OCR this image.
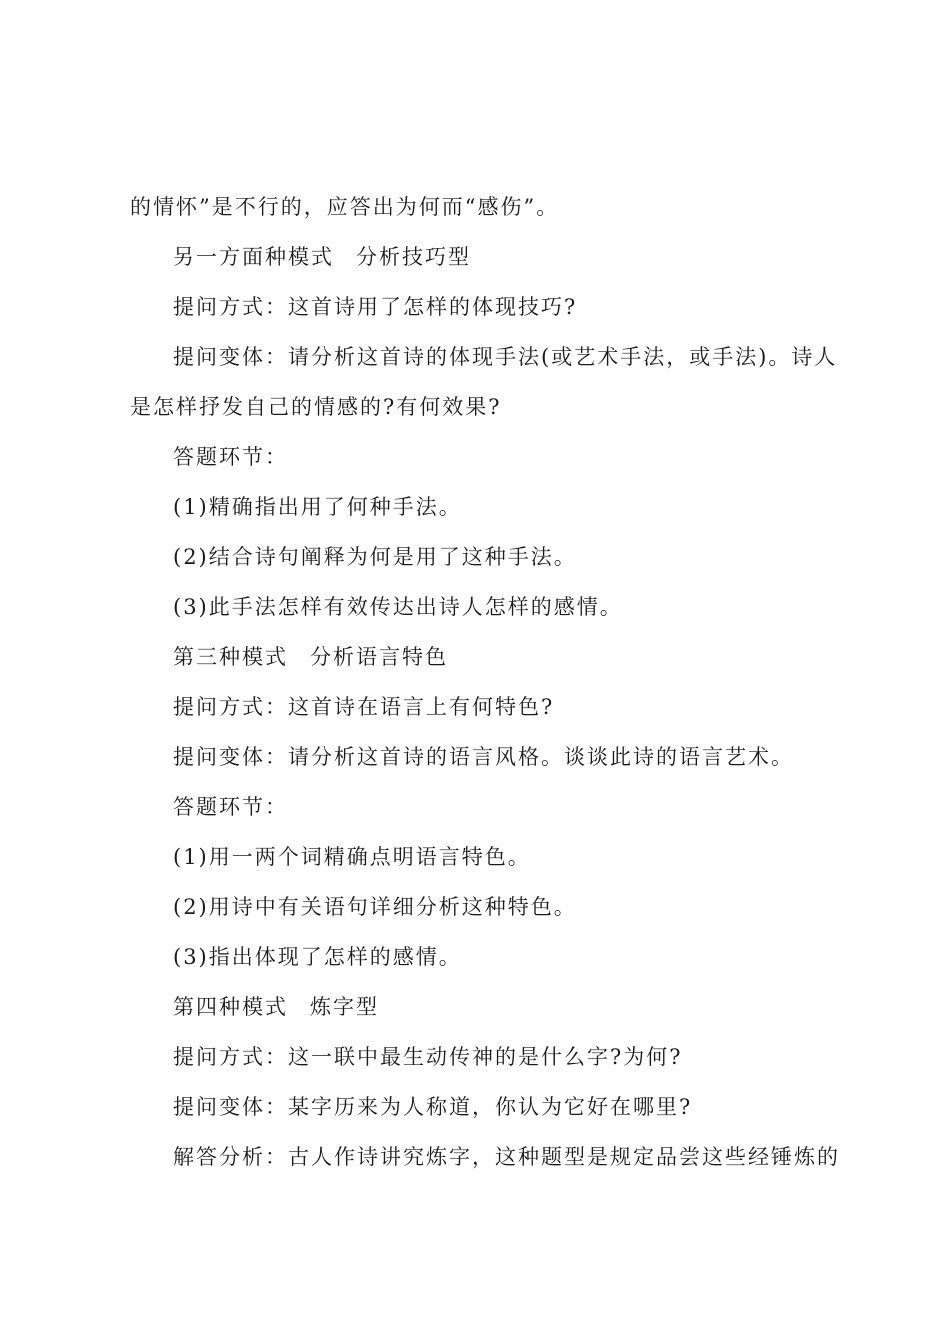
的情怀”是不行的，应答出为何而“感伤”。
另一方面种模式 分析技巧型
提问方式：这首诗用了怎样的体现技巧?
提问变体：请分析这首诗的体现手法(或艺术手法，或手法)。诗人
是怎样抒发自己的情感的?有何效果?
答题环节：
(1)精确指出用了何种手法。
(2)结合诗句阐释为何是用了这种手法。
(3)此手法怎样有效传达出诗人怎样的感情。
第三种模式 分析语言特色
提问方式：这首诗在语言上有何特色?
提问变体：请分析这首诗的语言风格。谈谈此诗的语言艺术。
答题环节：
(1)用一两个词精确点明语言特色。
(2)用诗中有关语句详细分析这种特色。
(3)指出体现了怎样的感情。
第四种模式 炼字型
提问方式：这一联中最生动传神的是什么字?为何?
提问变体：某字历来为人称道，你认为它好在哪里?
解答分析：古人作诗讲究炼字，这种题型是规定品尝这些经锤炼的
